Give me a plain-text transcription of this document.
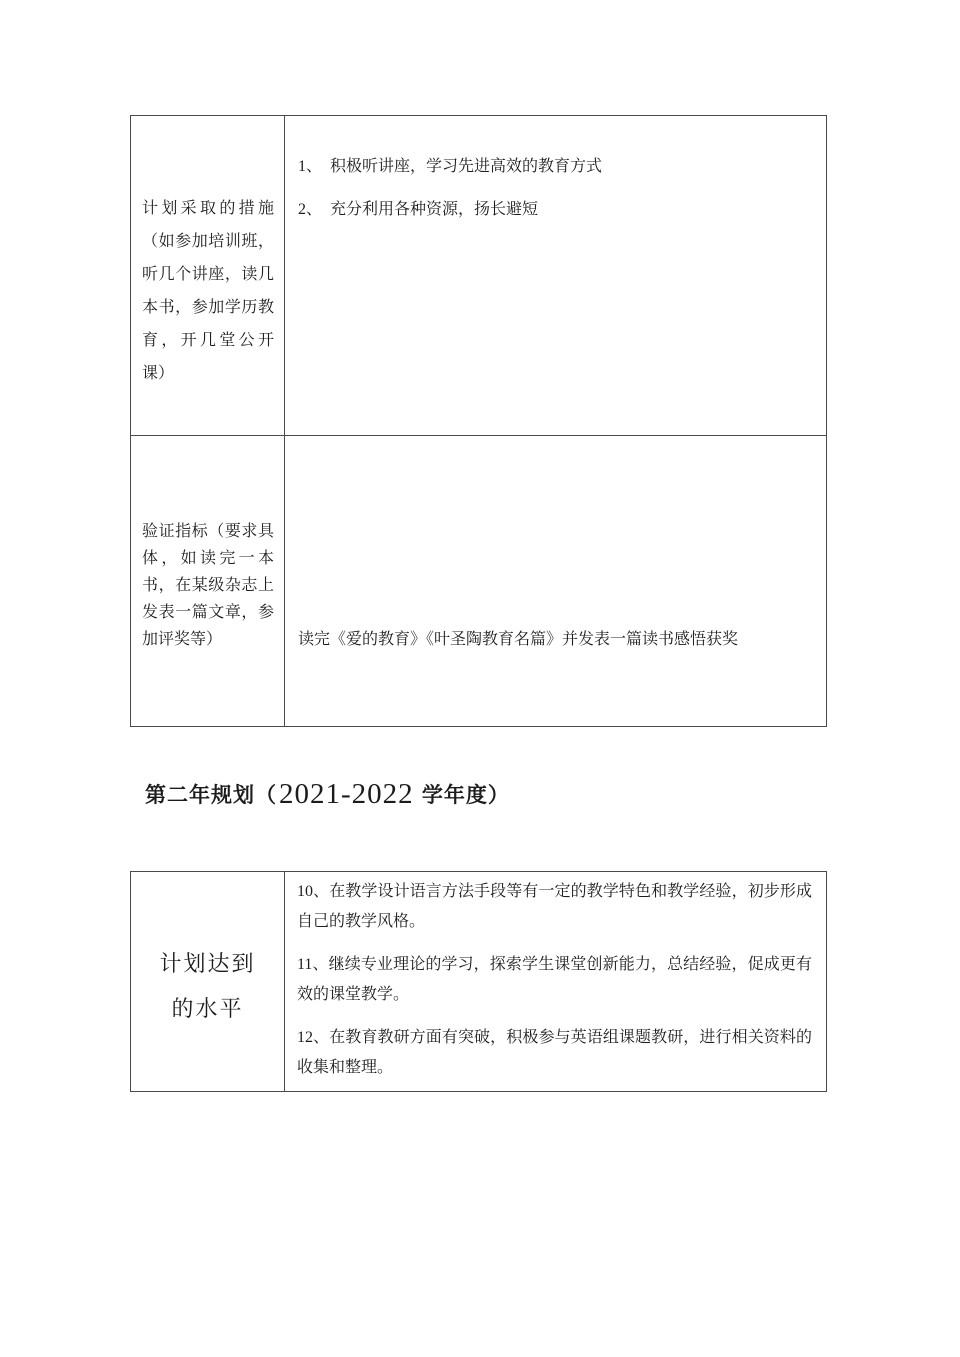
计划采取的措施（如参加培训班，听几个讲座，读几本书，参加学历教育，开几堂公开课）

1、　积极听讲座，学习先进高效的教育方式

2、　充分利用各种资源，扬长避短

验证指标（要求具体，如读完一本书，在某级杂志上发表一篇文章，参加评奖等）	读完《爱的教育》《叶圣陶教育名篇》并发表一篇读书感悟获奖
第二年规划（ 2021-2022 学年度）
计划达到
的水平

10、在教学设计语言方法手段等有一定的教学特色和教学经验，初步形成自己的教学风格。

11、继续专业理论的学习，探索学生课堂创新能力，总结经验，促成更有效的课堂教学。

12、在教育教研方面有突破，积极参与英语组课题教研，进行相关资料的收集和整理。
